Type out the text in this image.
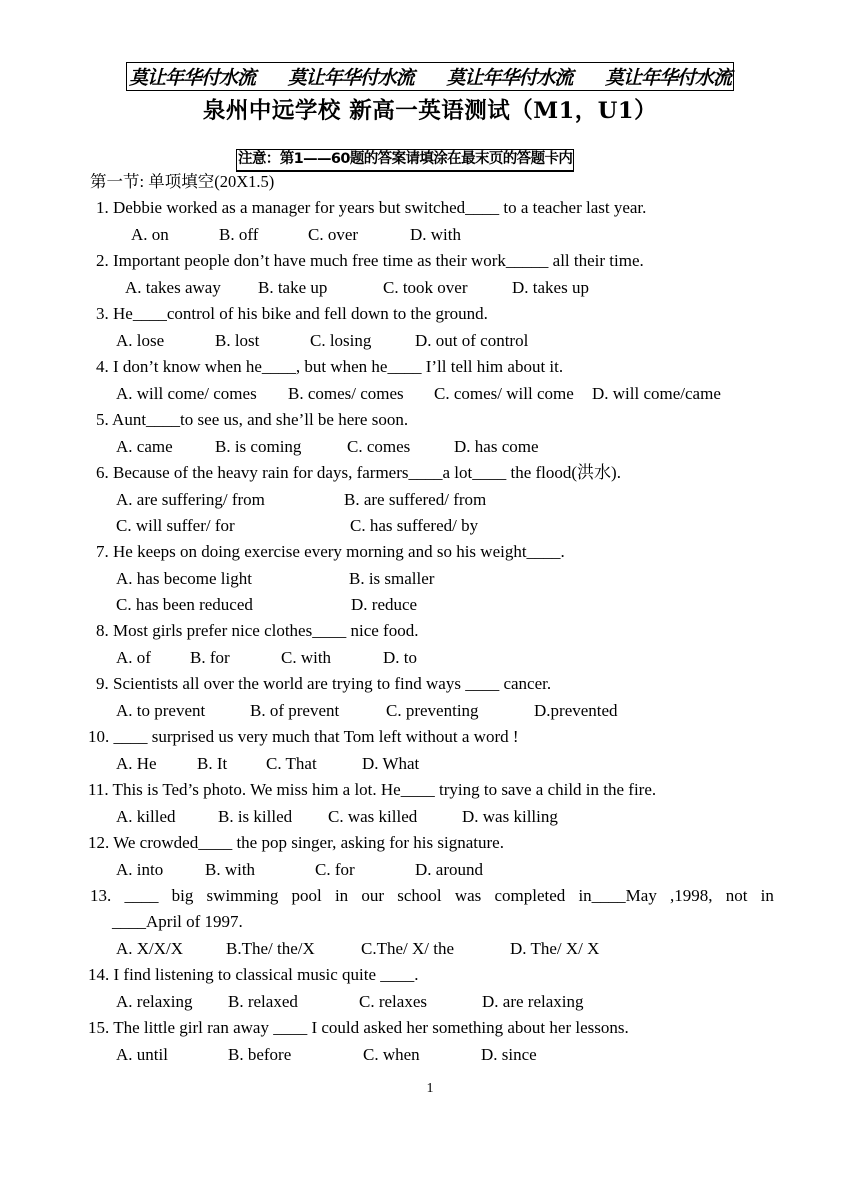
莫让年华付水流 莫让年华付水流 莫让年华付水流 莫让年华付水流
泉州中远学校 新高一英语测试（M1，U1）
注意：第1——60题的答案请填涂在最末页的答题卡内
第一节: 单项填空(20X1.5)
1. Debbie worked as a manager for years but switched____ to a teacher last year.
A. on	B. off	C. over	D. with
2. Important people don’t have much free time as their work_____ all their time.
A. takes away B. take up	C. took over	D. takes up
3. He____control of his bike and fell down to the ground.
A. lose	B. lost	C. losing	D. out of control
4. I don’t know when he____, but when he____ I’ll tell him about it.
A. will come/ comes B. comes/ comes C. comes/ will come D. will come/came
5. Aunt____to see us, and she’ll be here soon.
A. came B. is coming	C. comes	D. has come
6. Because of the heavy rain for days, farmers____a lot____ the flood(洪水).
A. are suffering/ from	B. are suffered/ from
C. will suffer/ for	C. has suffered/ by
7. He keeps on doing exercise every morning and so his weight____.
A. has become light	B. is smaller
C. has been reduced	D. reduce
8. Most girls prefer nice clothes____ nice food.
A. of B. for	C. with	D. to
9. Scientists all over the world are trying to find ways ____ cancer.
A. to prevent	B. of prevent	C. preventing	D.prevented
10. ____ surprised us very much that Tom left without a word !
A. He B. It C. That	D. What
11. This is Ted’s photo. We miss him a lot. He____ trying to save a child in the fire.
A. killed	B. is killed C. was killed	D. was killing
12. We crowded____ the pop singer, asking for his signature.
A. into B. with	C. for	D. around
13. ____ big swimming pool in our school was completed in____May ,1998, not in
____April of 1997.
A. X/X/X	B.The/ the/X	C.The/ X/ the	D. The/ X/ X
14. I find listening to classical music quite ____.
A. relaxing B. relaxed	C. relaxes	D. are relaxing
15. The little girl ran away ____ I could asked her something about her lessons.
A. until	B. before	C. when	D. since
1
